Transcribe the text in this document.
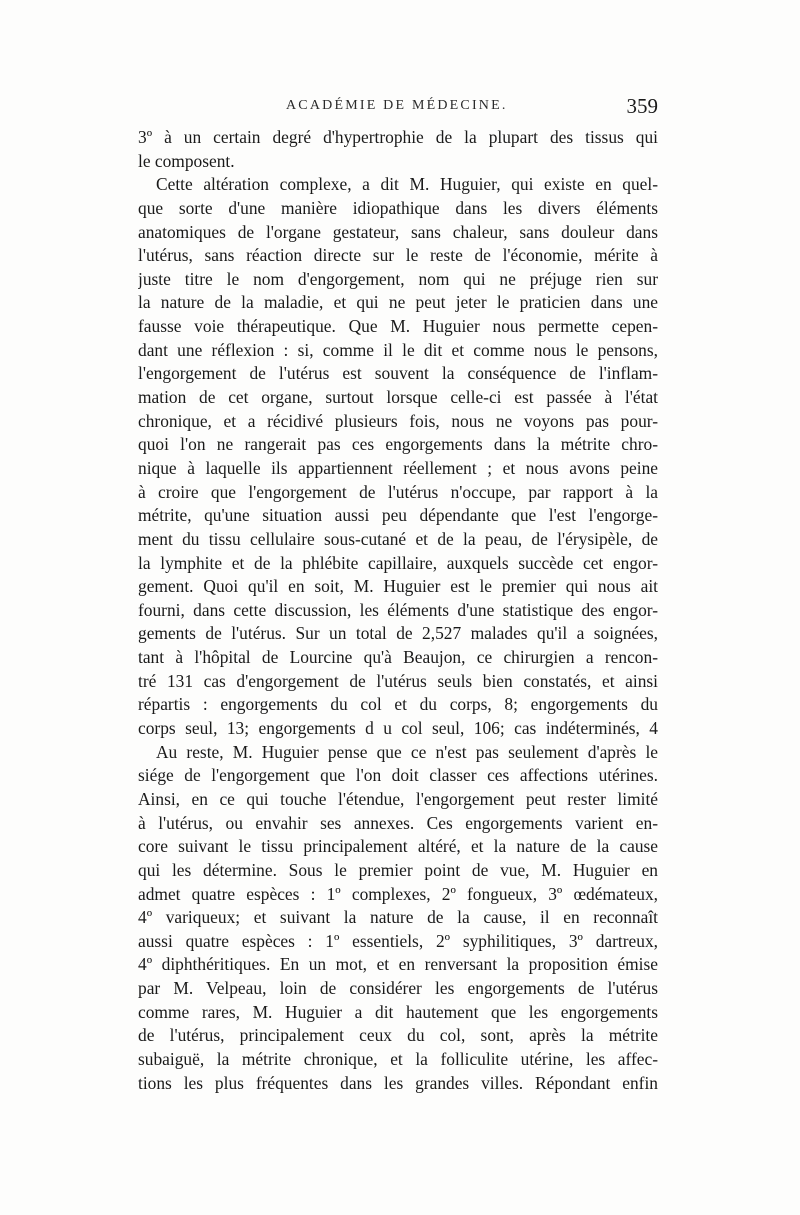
ACADÉMIE DE MÉDECINE.	359
3º à un certain degré d'hypertrophie de la plupart des tissus qui
le composent.
Cette altération complexe, a dit M. Huguier, qui existe en quel-
que sorte d'une manière idiopathique dans les divers éléments
anatomiques de l'organe gestateur, sans chaleur, sans douleur dans
l'utérus, sans réaction directe sur le reste de l'économie, mérite à
juste titre le nom d'engorgement, nom qui ne préjuge rien sur
la nature de la maladie, et qui ne peut jeter le praticien dans une
fausse voie thérapeutique. Que M. Huguier nous permette cepen-
dant une réflexion : si, comme il le dit et comme nous le pensons,
l'engorgement de l'utérus est souvent la conséquence de l'inflam-
mation de cet organe, surtout lorsque celle-ci est passée à l'état
chronique, et a récidivé plusieurs fois, nous ne voyons pas pour-
quoi l'on ne rangerait pas ces engorgements dans la métrite chro-
nique à laquelle ils appartiennent réellement ; et nous avons peine
à croire que l'engorgement de l'utérus n'occupe, par rapport à la
métrite, qu'une situation aussi peu dépendante que l'est l'engorge-
ment du tissu cellulaire sous-cutané et de la peau, de l'érysipèle, de
la lymphite et de la phlébite capillaire, auxquels succède cet engor-
gement. Quoi qu'il en soit, M. Huguier est le premier qui nous ait
fourni, dans cette discussion, les éléments d'une statistique des engor-
gements de l'utérus. Sur un total de 2,527 malades qu'il a soignées,
tant à l'hôpital de Lourcine qu'à Beaujon, ce chirurgien a rencon-
tré 131 cas d'engorgement de l'utérus seuls bien constatés, et ainsi
répartis : engorgements du col et du corps, 8; engorgements du
corps seul, 13; engorgements d u col seul, 106; cas indéterminés, 4
Au reste, M. Huguier pense que ce n'est pas seulement d'après le
siége de l'engorgement que l'on doit classer ces affections utérines.
Ainsi, en ce qui touche l'étendue, l'engorgement peut rester limité
à l'utérus, ou envahir ses annexes. Ces engorgements varient en-
core suivant le tissu principalement altéré, et la nature de la cause
qui les détermine. Sous le premier point de vue, M. Huguier en
admet quatre espèces : 1º complexes, 2º fongueux, 3º œdémateux,
4º variqueux; et suivant la nature de la cause, il en reconnaît
aussi quatre espèces : 1º essentiels, 2º syphilitiques, 3º dartreux,
4º diphthéritiques. En un mot, et en renversant la proposition émise
par M. Velpeau, loin de considérer les engorgements de l'utérus
comme rares, M. Huguier a dit hautement que les engorgements
de l'utérus, principalement ceux du col, sont, après la métrite
subaiguë, la métrite chronique, et la folliculite utérine, les affec-
tions les plus fréquentes dans les grandes villes. Répondant enfin
